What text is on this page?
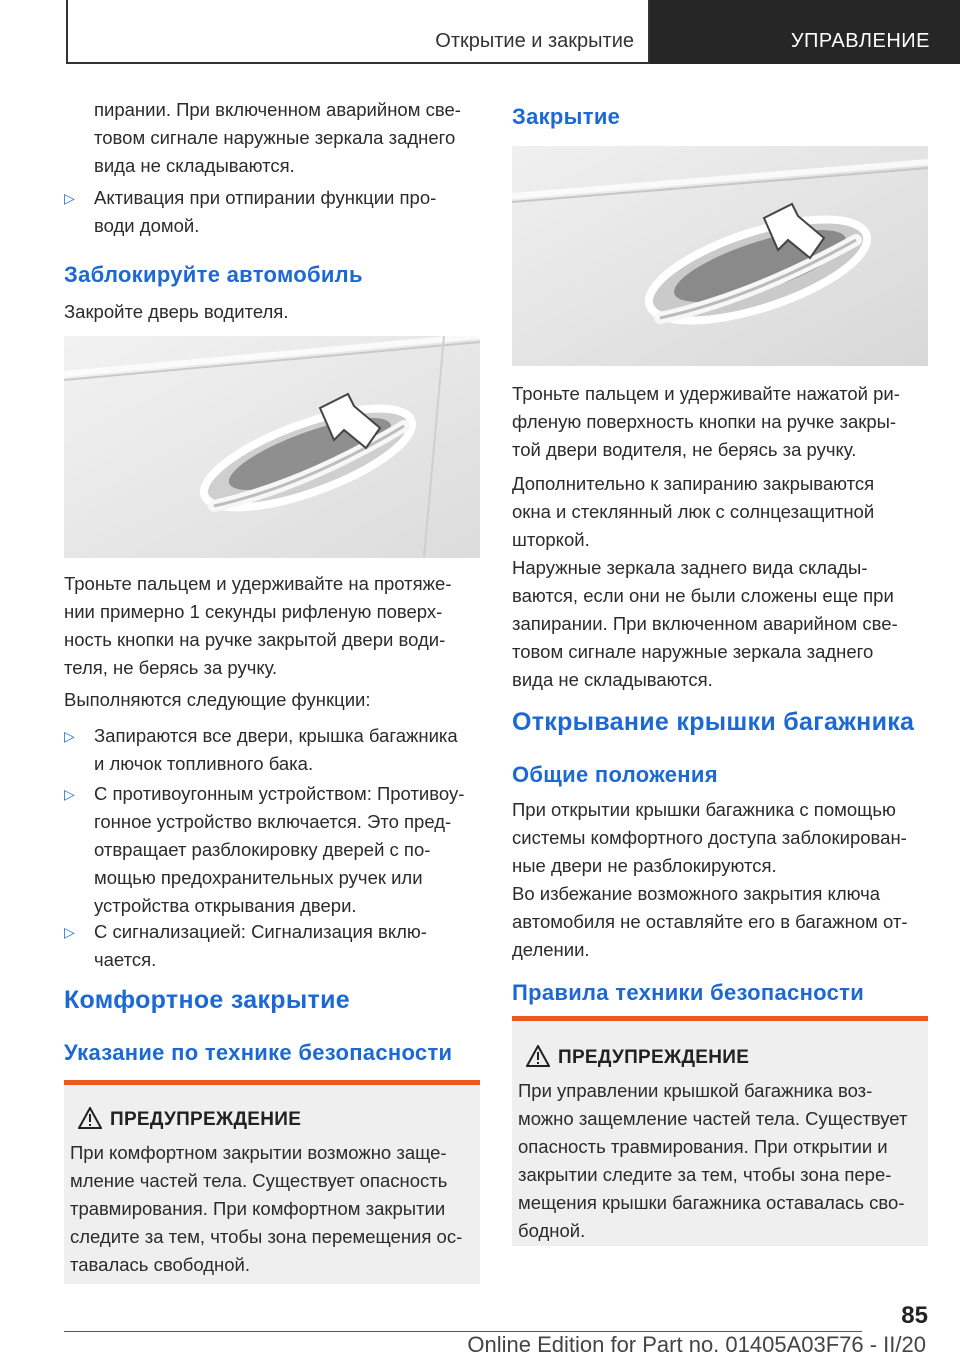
Открытие и закрытие	УПРАВЛЕНИЕ
пирании. При включенном аварийном све-
товом сигнале наружные зеркала заднего
вида не складываются.
▷ Активация при отпирании функции про-
води домой.
Заблокируйте автомобиль
Закройте дверь водителя.
Троньте пальцем и удерживайте на протяже-
нии примерно 1 секунды рифленую поверх-
ность кнопки на ручке закрытой двери води-
теля, не берясь за ручку.
Выполняются следующие функции:
▷ Запираются все двери, крышка багажника
и лючок топливного бака.
▷ С противоугонным устройством: Противоу-
гонное устройство включается. Это пред-
отвращает разблокировку дверей с по-
мощью предохранительных ручек или
устройства открывания двери.
▷ С сигнализацией: Сигнализация вклю-
чается.
Комфортное закрытие
Указание по технике безопасности
ПРЕДУПРЕЖДЕНИЕ
При комфортном закрытии возможно заще-
мление частей тела. Существует опасность
травмирования. При комфортном закрытии
следите за тем, чтобы зона перемещения ос-
тавалась свободной.
Закрытие
Троньте пальцем и удерживайте нажатой ри-
фленую поверхность кнопки на ручке закры-
той двери водителя, не берясь за ручку.
Дополнительно к запиранию закрываются
окна и стеклянный люк с солнцезащитной
шторкой.
Наружные зеркала заднего вида склады-
ваются, если они не были сложены еще при
запирании. При включенном аварийном све-
товом сигнале наружные зеркала заднего
вида не складываются.
Открывание крышки багажника
Общие положения
При открытии крышки багажника с помощью
системы комфортного доступа заблокирован-
ные двери не разблокируются.
Во избежание возможного закрытия ключа
автомобиля не оставляйте его в багажном от-
делении.
Правила техники безопасности
ПРЕДУПРЕЖДЕНИЕ
При управлении крышкой багажника воз-
можно защемление частей тела. Существует
опасность травмирования. При открытии и
закрытии следите за тем, чтобы зона пере-
мещения крышки багажника оставалась сво-
бодной.
85
Online Edition for Part no. 01405A03F76 - II/20
